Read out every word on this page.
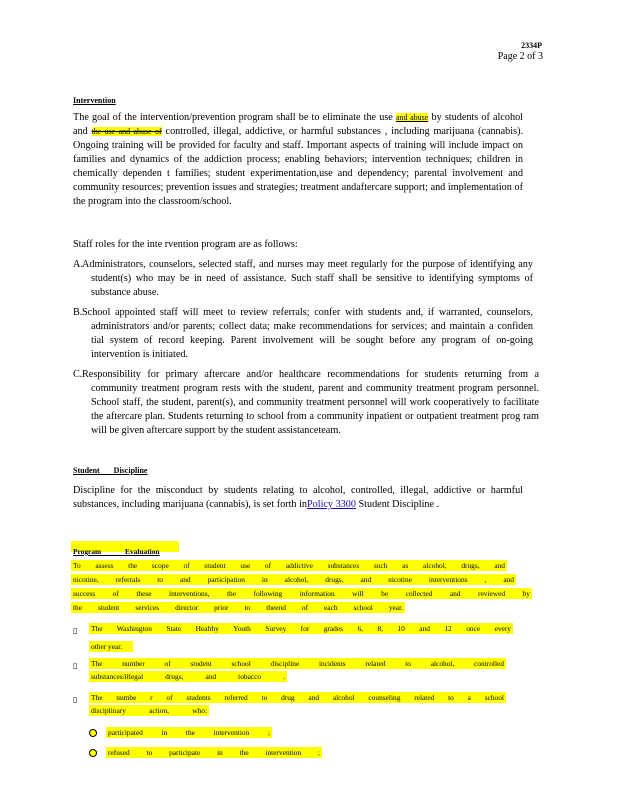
2334P
Page 2 of 3
Intervention
The goal of the intervention/prevention program shall be to eliminate the use and abuse by students of alcohol and the use and abuse of controlled, illegal, addictive, or harmful substances , including marijuana (cannabis). Ongoing training will be provided for faculty and staff. Important aspects of training will include impact on families and dynamics of the addiction process; enabling behaviors; intervention techniques; children in chemically dependen t families; student experimentation,use and dependency; parental involvement and community resources; prevention issues and strategies; treatment andaftercare support; and implementation of the program into the classroom/school.
Staff roles for the inte rvention program are as follows:
A. Administrators, counselors, selected staff, and nurses may meet regularly for the purpose of identifying any student(s) who may be in need of assistance. Such staff shall be sensitive to identifying symptoms of substance abuse.
B. School appointed staff will meet to review referrals; confer with students and, if warranted, counselors, administrators and/or parents; collect data; make recommendations for services; and maintain a confiden tial system of record keeping. Parent involvement will be sought before any program of on-going intervention is initiated.
C. Responsibility for primary aftercare and/or healthcare recommendations for students returning from a community treatment program rests with the student, parent and community treatment program personnel. School staff, the student, parent(s), and community treatment personnel will work cooperatively to facilitate the aftercare plan. Students returning to school from a community inpatient or outpatient treatment prog ram will be given aftercare support by the student assistanceteam.
Student Discipline
Discipline for the misconduct by students relating to alcohol, controlled, illegal, addictive or harmful substances, including marijuana (cannabis), is set forth inPolicy 3300 Student Discipline .
Program Evaluation
To assess the scope of student use of addictive substances such as alcohol, drugs, and
nicotine, referrals to and participation in alcohol, drugs, and nicotine interventions , and
success of these interventions, the following information will be collected and reviewed by
the student services director prior to theend of each school year.
▯ The Washington State Healthy Youth Survey for grades 6, 8, 10 and 12 once every
other year.
▯ The number of student school discipline incidents related to alcohol, controlled
substances/illegal drugs, and tobacco .
▯ The numbe r of students referred to drug and alcohol counseling related to a school
disciplinary action, who:
participated in the intervention ;
refused to participate in the intervention ;
